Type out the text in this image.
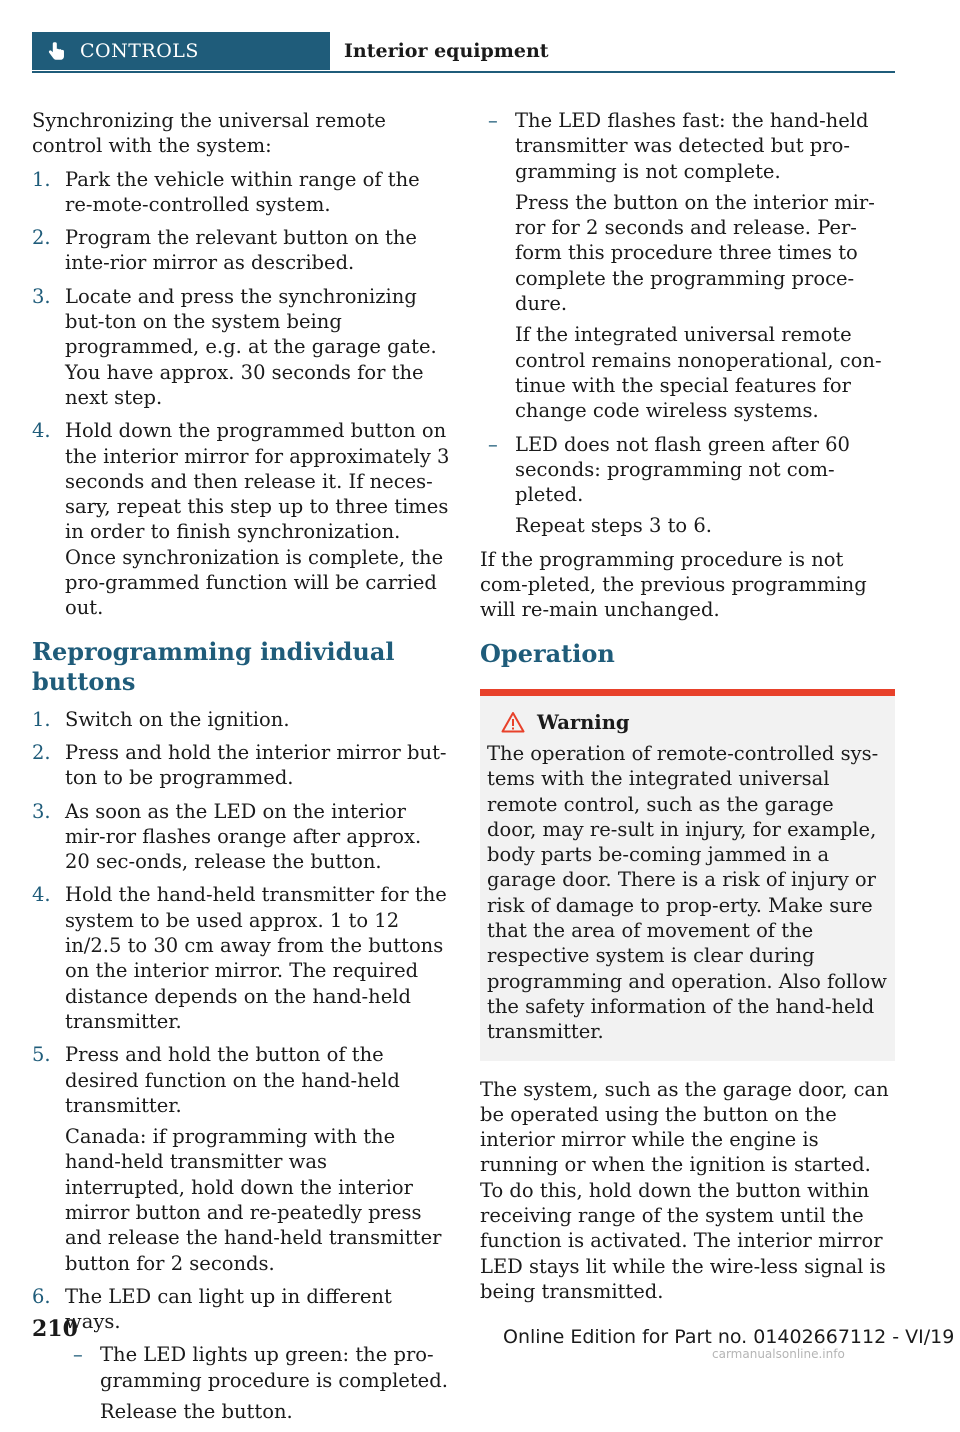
CONTROLS	Interior equipment

Synchronizing the universal remote control with the system:

1. Park the vehicle within range of the re-mote-controlled system.
2. Program the relevant button on the inte-rior mirror as described.
3. Locate and press the synchronizing but-ton on the system being programmed, e.g. at the garage gate. You have approx. 30 seconds for the next step.
4. Hold down the programmed button on the interior mirror for approximately 3 seconds and then release it. If neces-sary, repeat this step up to three times in order to finish synchronization. Once synchronization is complete, the pro-grammed function will be carried out.
Reprogramming individual buttons
1. Switch on the ignition.
2. Press and hold the interior mirror but-ton to be programmed.
3. As soon as the LED on the interior mir-ror flashes orange after approx. 20 sec-onds, release the button.
4. Hold the hand-held transmitter for the system to be used approx. 1 to 12 in/2.5 to 30 cm away from the buttons on the interior mirror. The required distance depends on the hand-held transmitter.
5. Press and hold the button of the desired function on the hand-held transmitter.
Canada: if programming with the hand-held transmitter was interrupted, hold down the interior mirror button and re-peatedly press and release the hand-held transmitter button for 2 seconds.
6. The LED can light up in different ways.
– The LED lights up green: the pro-gramming procedure is completed.
Release the button.
– The LED flashes fast: the hand-held transmitter was detected but pro-gramming is not complete.
Press the button on the interior mir-ror for 2 seconds and release. Per-form this procedure three times to complete the programming proce-dure.
If the integrated universal remote control remains nonoperational, con-tinue with the special features for change code wireless systems.
– LED does not flash green after 60 seconds: programming not com-pleted.
Repeat steps 3 to 6.

If the programming procedure is not com-pleted, the previous programming will re-main unchanged.

Operation
Warning
The operation of remote-controlled sys-tems with the integrated universal remote control, such as the garage door, may re-sult in injury, for example, body parts be-coming jammed in a garage door. There is a risk of injury or risk of damage to prop-erty. Make sure that the area of movement of the respective system is clear during programming and operation. Also follow the safety information of the hand-held transmitter.

The system, such as the garage door, can be operated using the button on the interior mirror while the engine is running or when the ignition is started. To do this, hold down the button within receiving range of the system until the function is activated. The interior mirror LED stays lit while the wire-less signal is being transmitted.

210	Online Edition for Part no. 01402667112 - VI/19
carmanualsonline.info
